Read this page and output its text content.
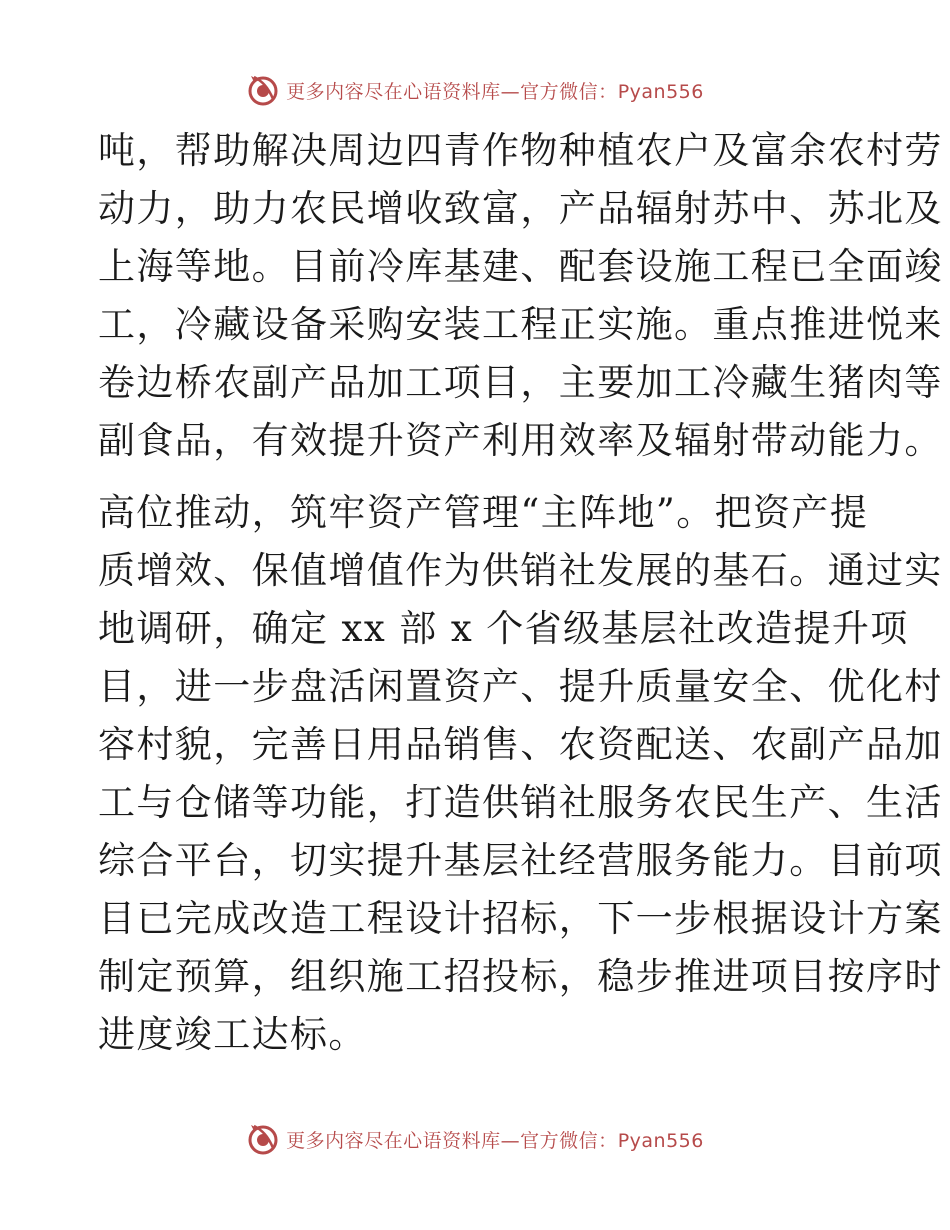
更多内容尽在心语资料库—官方微信：Pyan556

吨，帮助解决周边四青作物种植农户及富余农村劳
动力，助力农民增收致富，产品辐射苏中、苏北及
上海等地。目前冷库基建、配套设施工程已全面竣
工，冷藏设备采购安装工程正实施。重点推进悦来
卷边桥农副产品加工项目，主要加工冷藏生猪肉等
副食品，有效提升资产利用效率及辐射带动能力。

高位推动，筑牢资产管理“主阵地”。把资产提
质增效、保值增值作为供销社发展的基石。通过实
地调研，确定 xx 部 x 个省级基层社改造提升项
目，进一步盘活闲置资产、提升质量安全、优化村
容村貌，完善日用品销售、农资配送、农副产品加
工与仓储等功能，打造供销社服务农民生产、生活
综合平台，切实提升基层社经营服务能力。目前项
目已完成改造工程设计招标，下一步根据设计方案
制定预算，组织施工招投标，稳步推进项目按序时
进度竣工达标。

更多内容尽在心语资料库—官方微信：Pyan556
